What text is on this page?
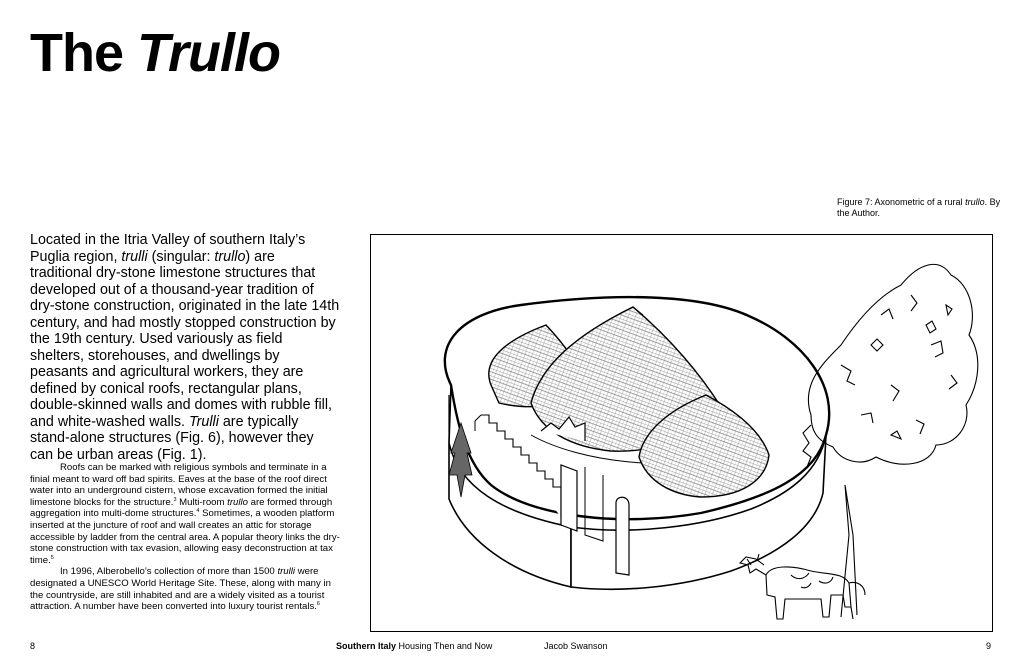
The Trullo
Figure 7: Axonometric of a rural trullo. By the Author.

Located in the Itria Valley of southern Italy’s Puglia region, trulli (singular: trullo) are traditional dry-stone limestone structures that developed out of a thousand-year tradition of dry-stone construction, originated in the late 14th century, and had mostly stopped construction by the 19th century. Used variously as field shelters, storehouses, and dwellings by peasants and agricultural workers, they are defined by conical roofs, rectangular plans, double-skinned walls and domes with rubble fill, and white-washed walls. Trulli are typically stand-alone structures (Fig. 6), however they can be urban areas (Fig. 1).

Roofs can be marked with religious symbols and terminate in a finial meant to ward off bad spirits. Eaves at the base of the roof direct water into an underground cistern, whose excavation formed the initial limestone blocks for the structure.$^3$ Multi-room trullo are formed through aggregation into multi-dome structures.$^4$ Sometimes, a wooden platform inserted at the juncture of roof and wall creates an attic for storage accessible by ladder from the central area. A popular theory links the dry-stone construction with tax evasion, allowing easy deconstruction at tax time.$^5$

In 1996, Alberobello’s collection of more than 1500 trulli were designated a UNESCO World Heritage Site. These, along with many in the countryside, are still inhabited and are a widely visited as a tourist attraction. A number have been converted into luxury tourist rentals.$^6$

8	Southern Italy Housing Then and Now	Jacob Swanson	9
